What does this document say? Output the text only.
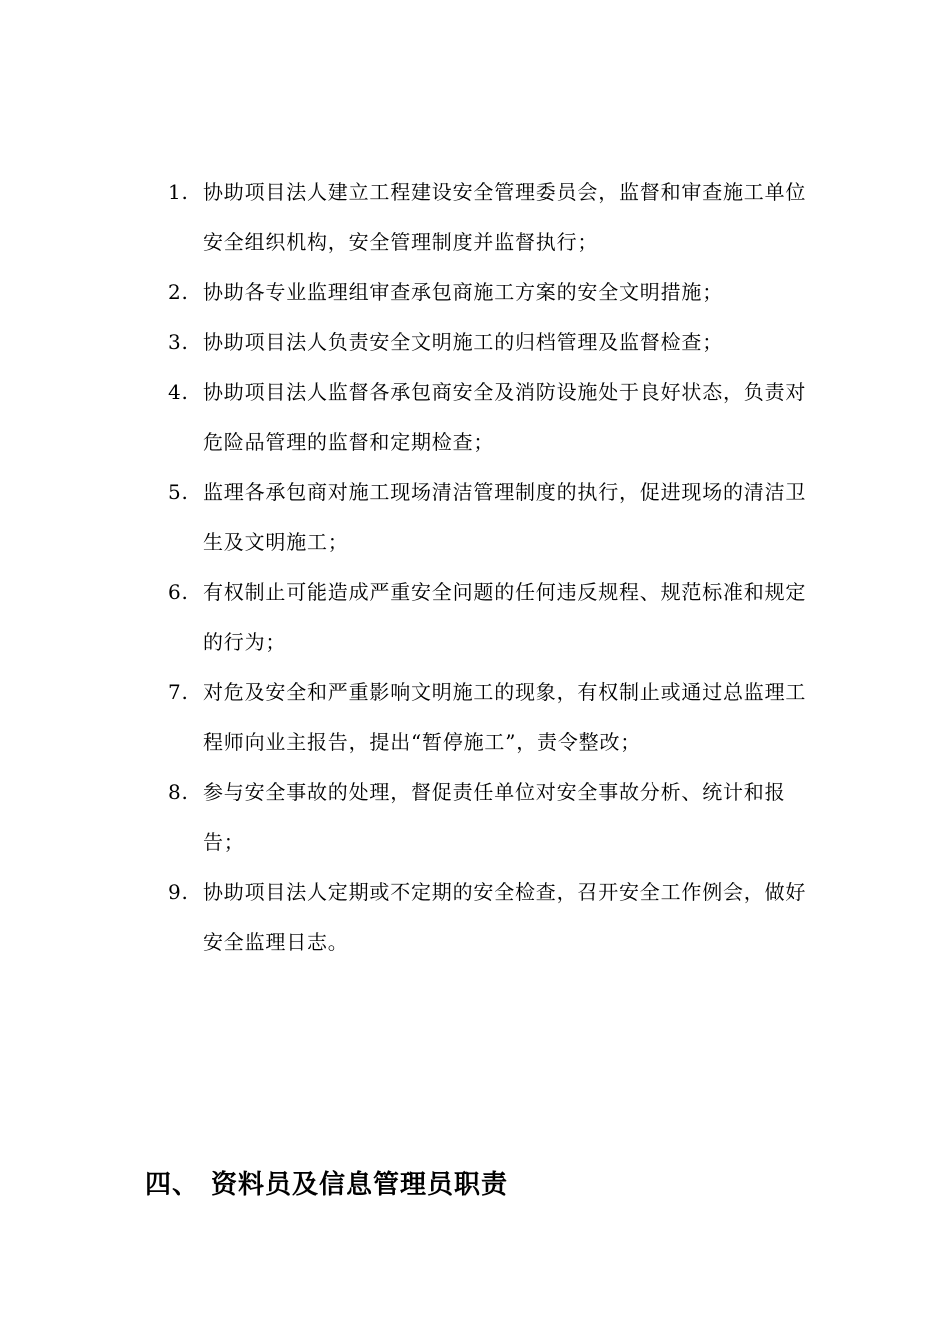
1. 协助项目法人建立工程建设安全管理委员会，监督和审查施工单位安全组织机构，安全管理制度并监督执行；
2. 协助各专业监理组审查承包商施工方案的安全文明措施；
3. 协助项目法人负责安全文明施工的归档管理及监督检查；
4. 协助项目法人监督各承包商安全及消防设施处于良好状态，负责对危险品管理的监督和定期检查；
5. 监理各承包商对施工现场清洁管理制度的执行，促进现场的清洁卫生及文明施工；
6. 有权制止可能造成严重安全问题的任何违反规程、规范标准和规定的行为；
7. 对危及安全和严重影响文明施工的现象，有权制止或通过总监理工程师向业主报告，提出“暂停施工”，责令整改；
8. 参与安全事故的处理，督促责任单位对安全事故分析、统计和报告；
9. 协助项目法人定期或不定期的安全检查，召开安全工作例会，做好安全监理日志。
四、 资料员及信息管理员职责
